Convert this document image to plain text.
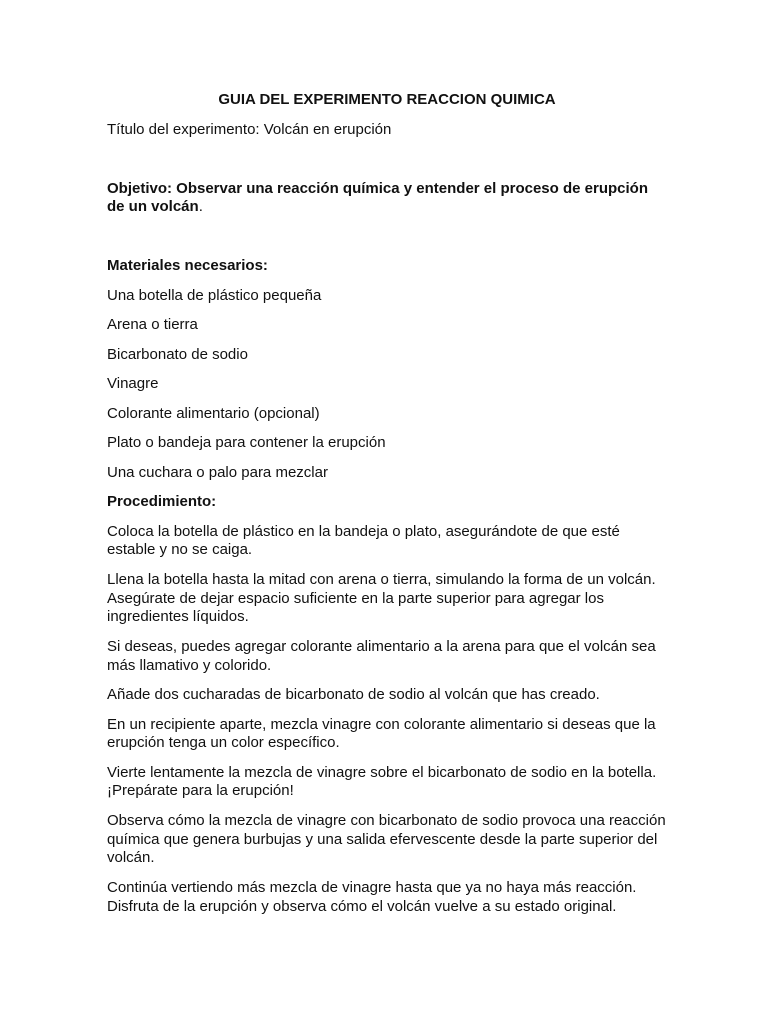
GUIA DEL EXPERIMENTO REACCION QUIMICA

Título del experimento: Volcán en erupción

Objetivo: Observar una reacción química y entender el proceso de erupción de un volcán.

Materiales necesarios:

Una botella de plástico pequeña

Arena o tierra

Bicarbonato de sodio

Vinagre

Colorante alimentario (opcional)

Plato o bandeja para contener la erupción

Una cuchara o palo para mezclar

Procedimiento:

Coloca la botella de plástico en la bandeja o plato, asegurándote de que esté estable y no se caiga.

Llena la botella hasta la mitad con arena o tierra, simulando la forma de un volcán. Asegúrate de dejar espacio suficiente en la parte superior para agregar los ingredientes líquidos.

Si deseas, puedes agregar colorante alimentario a la arena para que el volcán sea más llamativo y colorido.

Añade dos cucharadas de bicarbonato de sodio al volcán que has creado.

En un recipiente aparte, mezcla vinagre con colorante alimentario si deseas que la erupción tenga un color específico.

Vierte lentamente la mezcla de vinagre sobre el bicarbonato de sodio en la botella. ¡Prepárate para la erupción!

Observa cómo la mezcla de vinagre con bicarbonato de sodio provoca una reacción química que genera burbujas y una salida efervescente desde la parte superior del volcán.

Continúa vertiendo más mezcla de vinagre hasta que ya no haya más reacción. Disfruta de la erupción y observa cómo el volcán vuelve a su estado original.
